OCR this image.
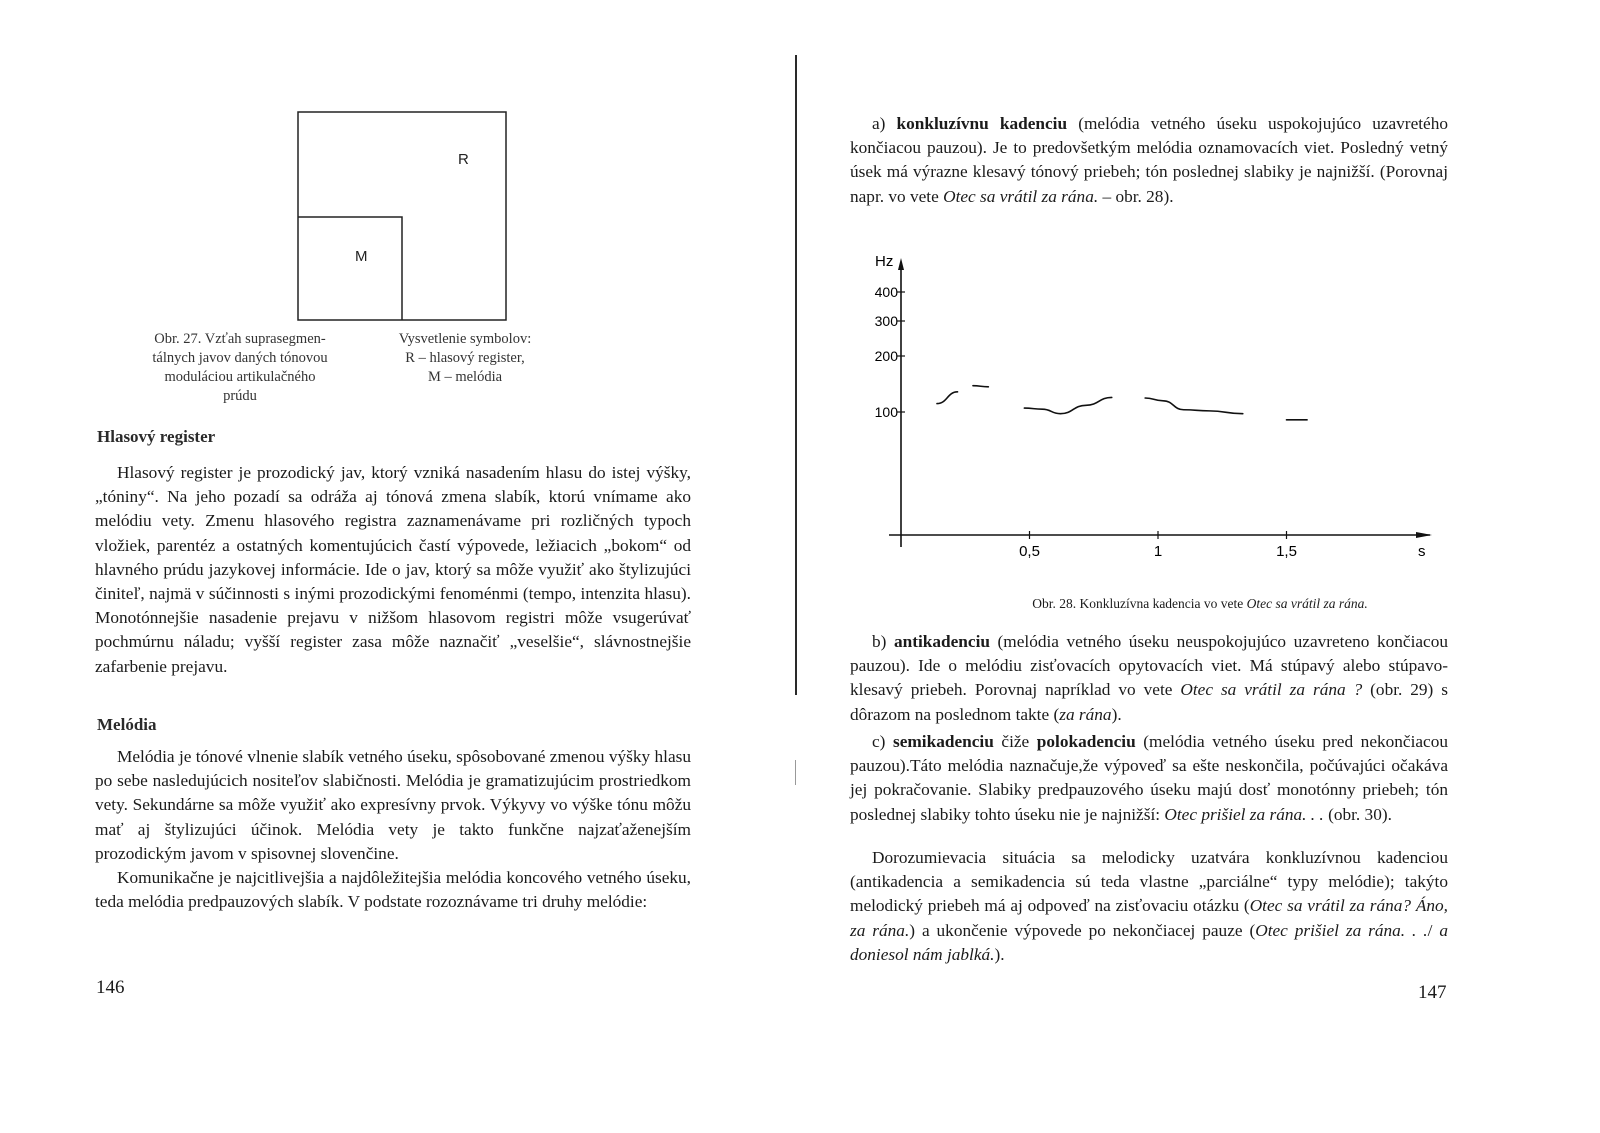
R
M

Obr. 27. Vzťah suprasegmen-

tálnych javov daných tónovou

moduláciou artikulačného

prúdu

Vysvetlenie symbolov:

R – hlasový register,

M – melódia

Hlasový register

Hlasový register je prozodický jav, ktorý vzniká nasadením hlasu do istej výšky, „tóniny“. Na jeho pozadí sa odráža aj tónová zmena slabík, ktorú vnímame ako melódiu vety. Zmenu hlasového registra zaznamenávame pri rozličných typoch vložiek, parentéz a ostatných komentujúcich častí výpovede, ležiacich „bokom“ od hlavného prúdu jazykovej informácie. Ide o jav, ktorý sa môže využiť ako štylizujúci činiteľ, najmä v súčinnosti s inými prozodickými fenoménmi (tempo, intenzita hlasu). Monotónnejšie nasadenie prejavu v nižšom hlasovom registri môže vsugerúvať pochmúrnu náladu; vyšší register zasa môže naznačiť „veselšie“, slávnostnejšie zafarbenie prejavu.

Melódia

Melódia je tónové vlnenie slabík vetného úseku, spôsobované zmenou výšky hlasu po sebe nasledujúcich nositeľov slabičnosti. Melódia je gramatizujúcim prostriedkom vety. Sekundárne sa môže využiť ako expresívny prvok. Výkyvy vo výške tónu môžu mať aj štylizujúci účinok. Melódia vety je takto funkčne najzaťaženejším prozodickým javom v spisovnej slovenčine.

Komunikačne je najcitlivejšia a najdôležitejšia melódia koncového vetného úseku, teda melódia predpauzových slabík. V podstate rozoznávame tri druhy melódie:

146
a) konkluzívnu kadenciu (melódia vetného úseku uspokojujúco uzavretého končiacou pauzou). Je to predovšetkým melódia oznamovacích viet. Posledný vetný úsek má výrazne klesavý tónový priebeh; tón poslednej slabiky je najnižší. (Porovnaj napr. vo vete Otec sa vrátil za rána. – obr. 28).
Hz
s
400
300
200
100
0,5	1	1,5
Obr. 28. Konkluzívna kadencia vo vete Otec sa vrátil za rána.
b) antikadenciu (melódia vetného úseku neuspokojujúco uzavreteno končiacou pauzou). Ide o melódiu zisťovacích opytovacích viet. Má stúpavý alebo stúpavo-klesavý priebeh. Porovnaj napríklad vo vete Otec sa vrátil za rána ? (obr. 29) s dôrazom na poslednom takte (za rána).
c) semikadenciu čiže polokadenciu (melódia vetného úseku pred nekončiacou pauzou).Táto melódia naznačuje,že výpoveď sa ešte neskončila, počúvajúci očakáva jej pokračovanie. Slabiky predpauzového úseku majú dosť monotónny priebeh; tón poslednej slabiky tohto úseku nie je najnižší: Otec prišiel za rána. . . (obr. 30).
Dorozumievacia situácia sa melodicky uzatvára konkluzívnou kadenciou (antikadencia a semikadencia sú teda vlastne „parciálne“ typy melódie); takýto melodický priebeh má aj odpoveď na zisťovaciu otázku (Otec sa vrátil za rána? Áno, za rána.) a ukončenie výpovede po nekončiacej pauze (Otec prišiel za rána. . ./ a doniesol nám jablká.).
147
